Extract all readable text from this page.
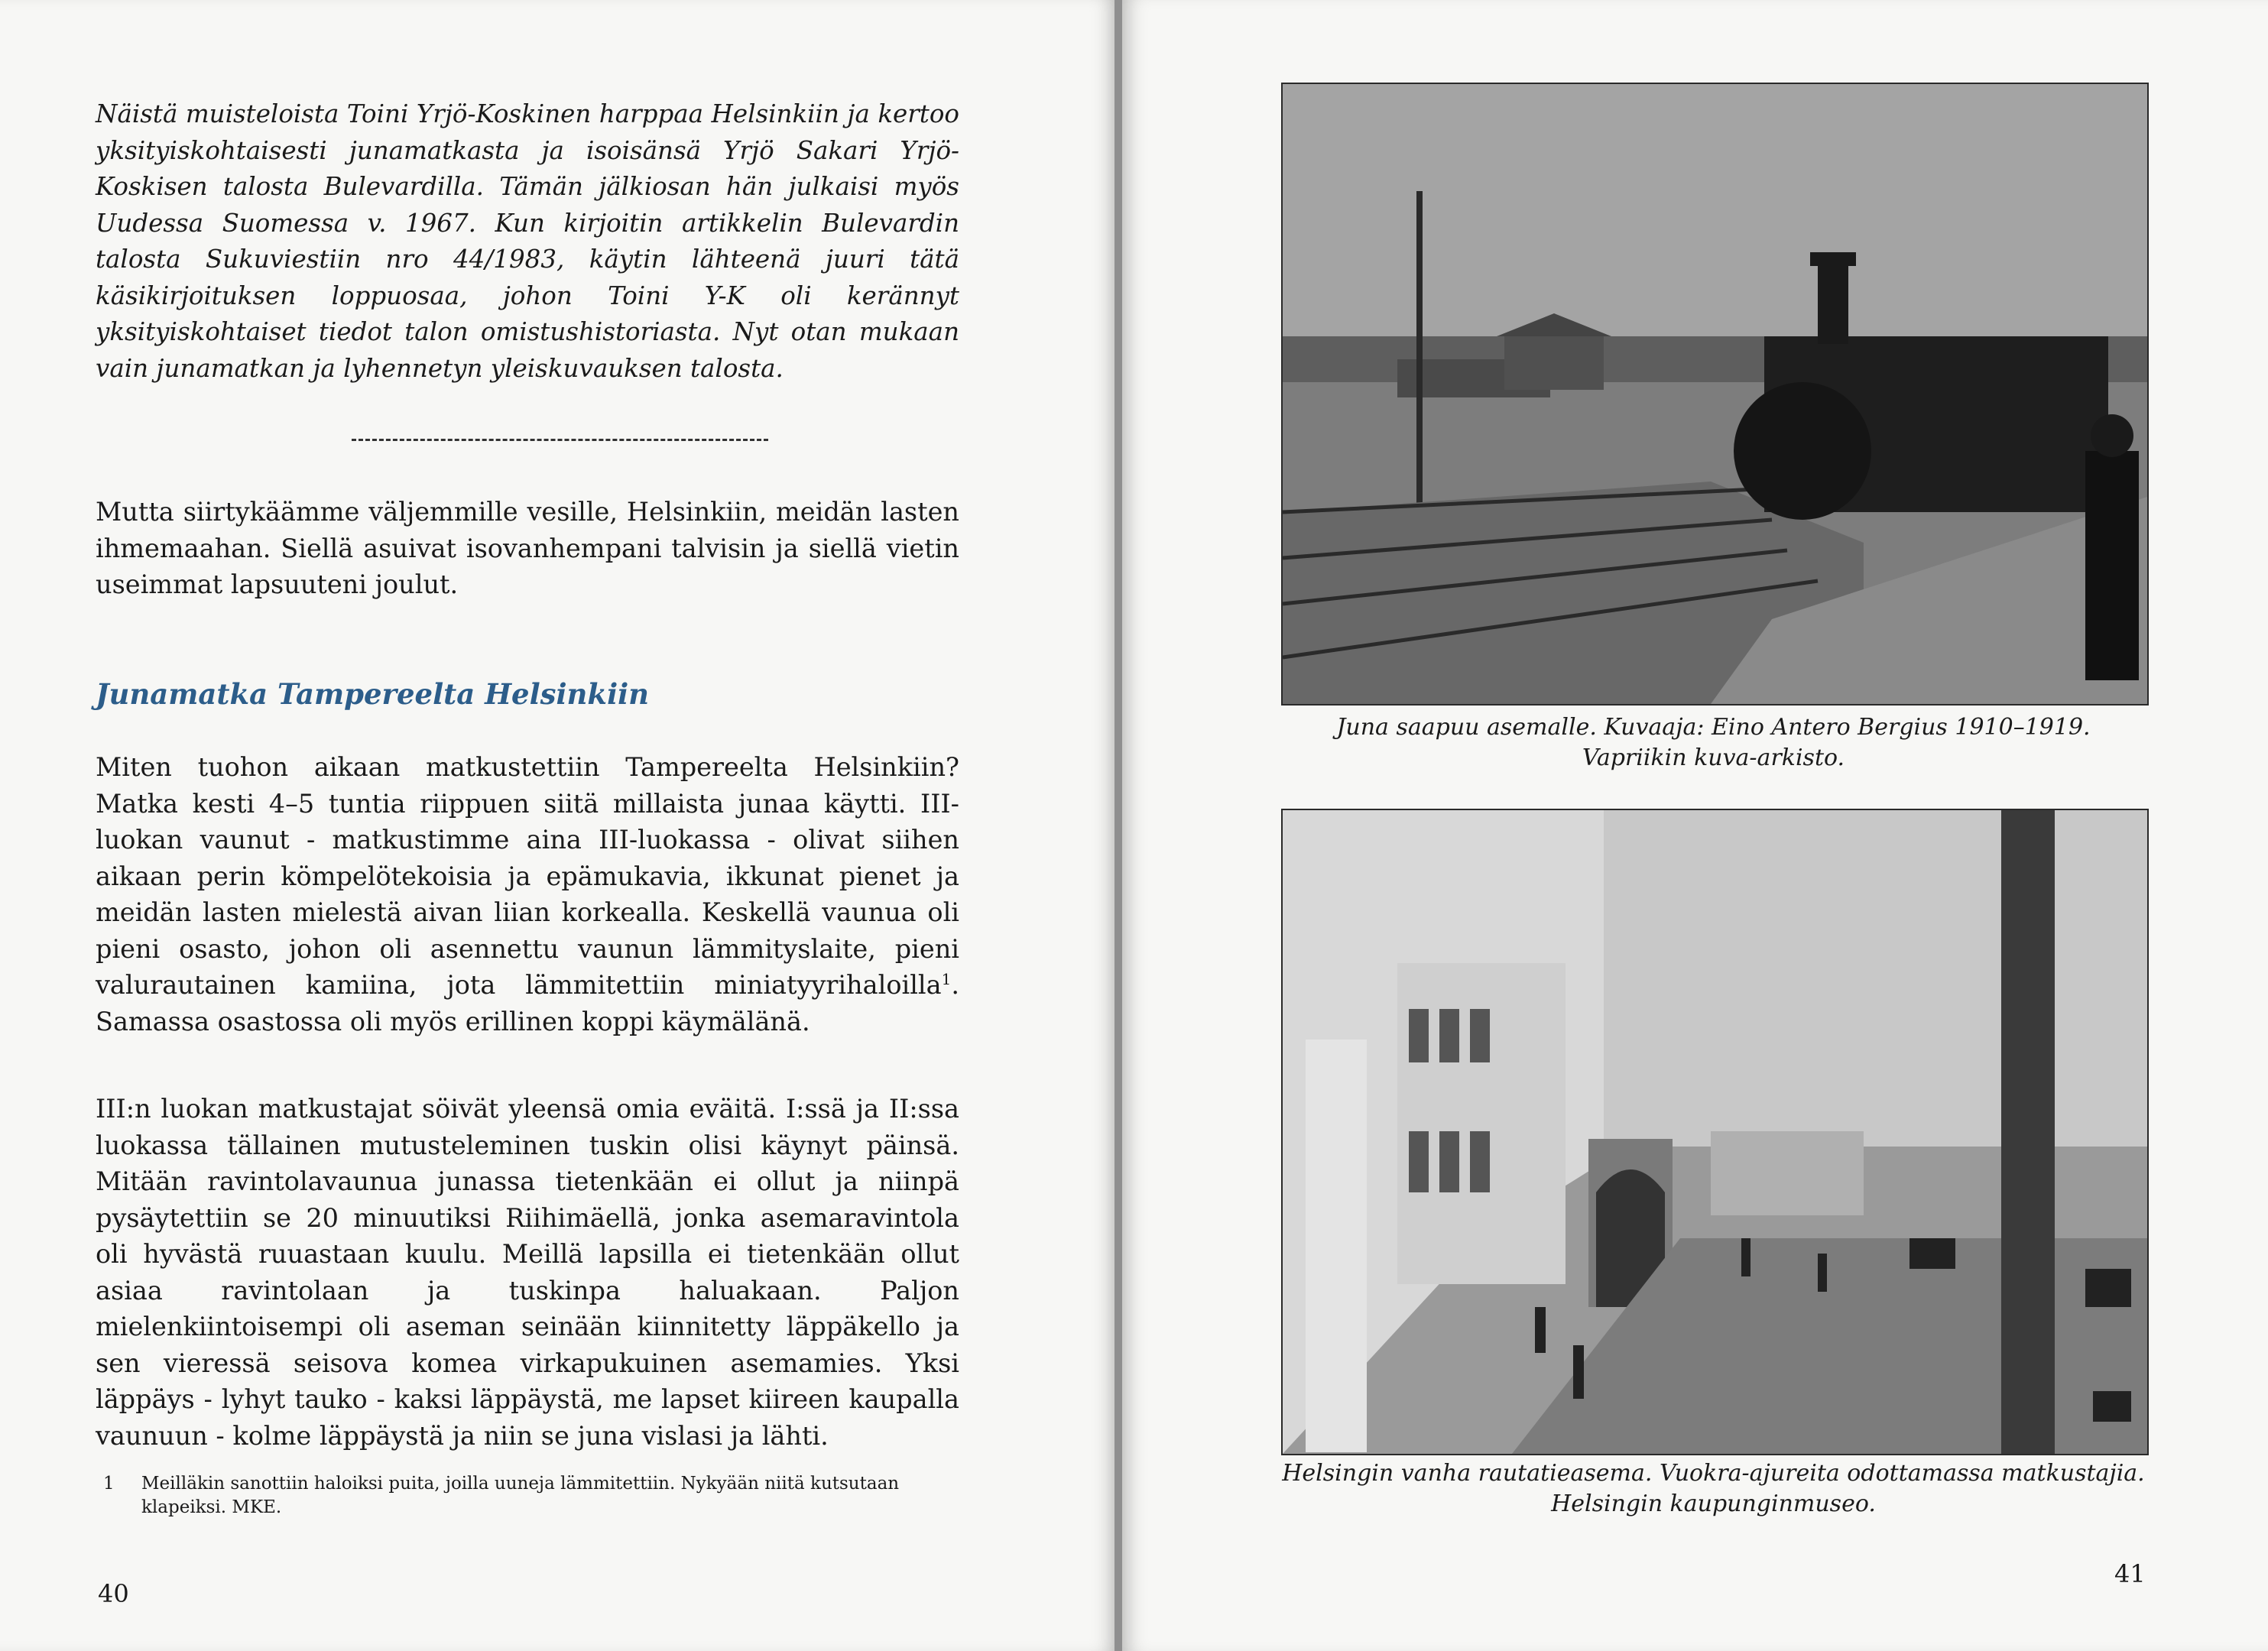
Näistä muisteloista Toini Yrjö-Koskinen harppaa Helsinkiin ja kertoo yksityiskohtaisesti junamatkasta ja isoisänsä Yrjö Sakari Yrjö-Koskisen talosta Bulevardilla. Tämän jälkiosan hän julkaisi myös Uudessa Suomessa v. 1967. Kun kirjoitin artikkelin Bulevardin talosta Sukuviestiin nro 44/1983, käytin lähteenä juuri tätä käsikirjoituksen loppuosaa, johon Toini Y-K oli kerännyt yksityiskohtaiset tiedot talon omistushistoriasta. Nyt otan mukaan vain junamatkan ja lyhennetyn yleiskuvauksen talosta.

Mutta siirtykäämme väljemmille vesille, Helsinkiin, meidän lasten ihmemaahan. Siellä asuivat isovanhempani talvisin ja siellä vietin useimmat lapsuuteni joulut.

Junamatka Tampereelta Helsinkiin

Miten tuohon aikaan matkustettiin Tampereelta Helsinkiin? Matka kesti 4–5 tuntia riippuen siitä millaista junaa käytti. III-luokan vaunut - matkustimme aina III-luokassa - olivat siihen aikaan perin kömpelötekoisia ja epämukavia, ikkunat pienet ja meidän lasten mielestä aivan liian korkealla. Keskellä vaunua oli pieni osasto, johon oli asennettu vaunun lämmityslaite, pieni valurautainen kamiina, jota lämmitettiin miniatyyrihaloilla$^1$. Samassa osastossa oli myös erillinen koppi käymälänä.

III:n luokan matkustajat söivät yleensä omia eväitä. I:ssä ja II:ssa luokassa tällainen mutusteleminen tuskin olisi käynyt päinsä. Mitään ravintolavaunua junassa tietenkään ei ollut ja niinpä pysäytettiin se 20 minuutiksi Riihimäellä, jonka asemaravintola oli hyvästä ruuastaan kuulu. Meillä lapsilla ei tietenkään ollut asiaa ravintolaan ja tuskinpa haluakaan. Paljon mielenkiintoisempi oli aseman seinään kiinnitetty läppäkello ja sen vieressä seisova komea virkapukuinen asemamies. Yksi läppäys - lyhyt tauko - kaksi läppäystä, me lapset kiireen kaupalla vaunuun - kolme läppäystä ja niin se juna vislasi ja lähti.

1 Meilläkin sanottiin haloiksi puita, joilla uuneja lämmitettiin. Nykyään niitä kutsutaan klapeiksi. MKE.
40

Juna saapuu asemalle. Kuvaaja: Eino Antero Bergius 1910–1919.
Vapriikin kuva-arkisto.

Helsingin vanha rautatieasema. Vuokra-ajureita odottamassa matkustajia.
Helsingin kaupunginmuseo.

41
